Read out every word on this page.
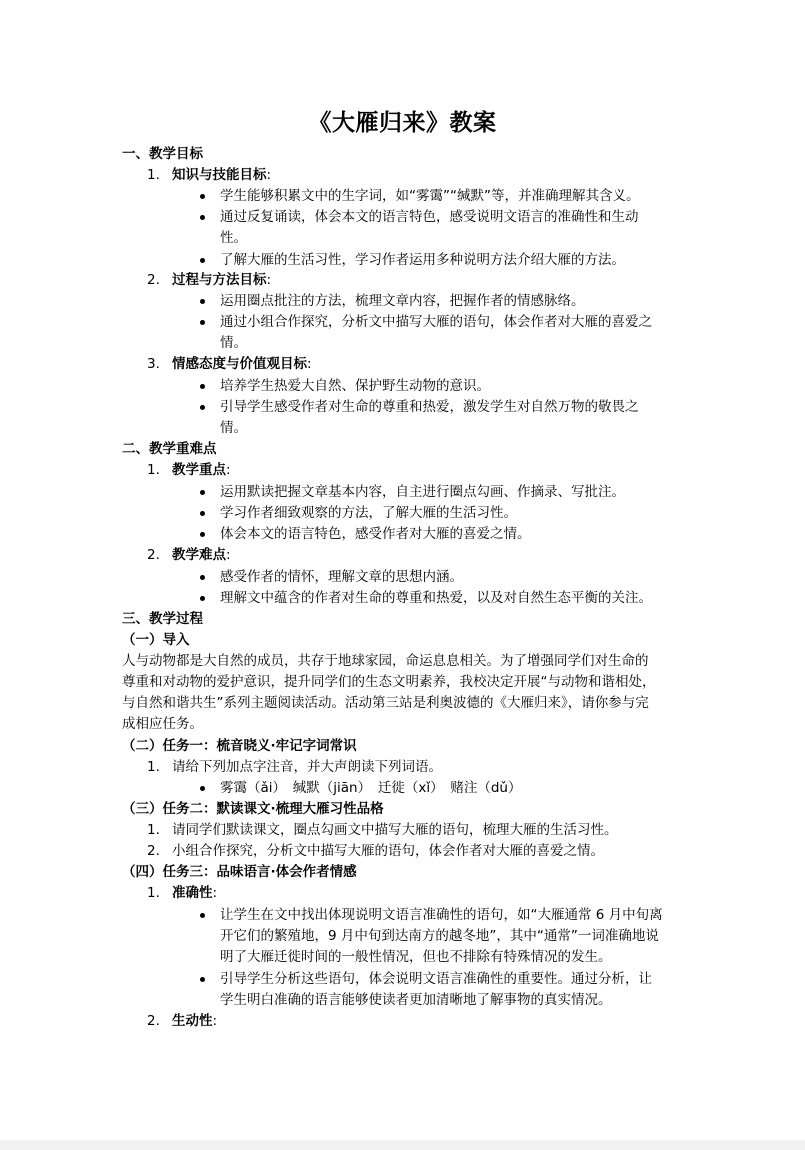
《大雁归来》教案
一、教学目标
1. 知识与技能目标:
学生能够积累文中的生字词，如“雾霭”“缄默”等，并准确理解其含义。
通过反复诵读，体会本文的语言特色，感受说明文语言的准确性和生动
性。
了解大雁的生活习性，学习作者运用多种说明方法介绍大雁的方法。
2. 过程与方法目标:
运用圈点批注的方法，梳理文章内容，把握作者的情感脉络。
通过小组合作探究，分析文中描写大雁的语句，体会作者对大雁的喜爱之
情。
3. 情感态度与价值观目标:
培养学生热爱大自然、保护野生动物的意识。
引导学生感受作者对生命的尊重和热爱，激发学生对自然万物的敬畏之
情。
二、教学重难点
1. 教学重点:
运用默读把握文章基本内容，自主进行圈点勾画、作摘录、写批注。
学习作者细致观察的方法，了解大雁的生活习性。
体会本文的语言特色，感受作者对大雁的喜爱之情。
2. 教学难点:
感受作者的情怀，理解文章的思想内涵。
理解文中蕴含的作者对生命的尊重和热爱，以及对自然生态平衡的关注。
三、教学过程
（一）导入
人与动物都是大自然的成员，共存于地球家园，命运息息相关。为了增强同学们对生命的
尊重和对动物的爱护意识，提升同学们的生态文明素养，我校决定开展“与动物和谐相处，
与自然和谐共生”系列主题阅读活动。活动第三站是利奥波德的《大雁归来》，请你参与完
成相应任务。
（二）任务一：梳音晓义·牢记字词常识
1. 请给下列加点字注音，并大声朗读下列词语。
雾霭（ǎi）　缄默（jiān）　迁徙（xǐ）　赌注（dǔ）
（三）任务二：默读课文·梳理大雁习性品格
1. 请同学们默读课文，圈点勾画文中描写大雁的语句，梳理大雁的生活习性。
2. 小组合作探究，分析文中描写大雁的语句，体会作者对大雁的喜爱之情。
（四）任务三：品味语言·体会作者情感
1. 准确性:
让学生在文中找出体现说明文语言准确性的语句，如“大雁通常 6 月中旬离
开它们的繁殖地，9 月中旬到达南方的越冬地”，其中“通常”一词准确地说
明了大雁迁徙时间的一般性情况，但也不排除有特殊情况的发生。
引导学生分析这些语句，体会说明文语言准确性的重要性。通过分析，让
学生明白准确的语言能够使读者更加清晰地了解事物的真实情况。
2. 生动性:
